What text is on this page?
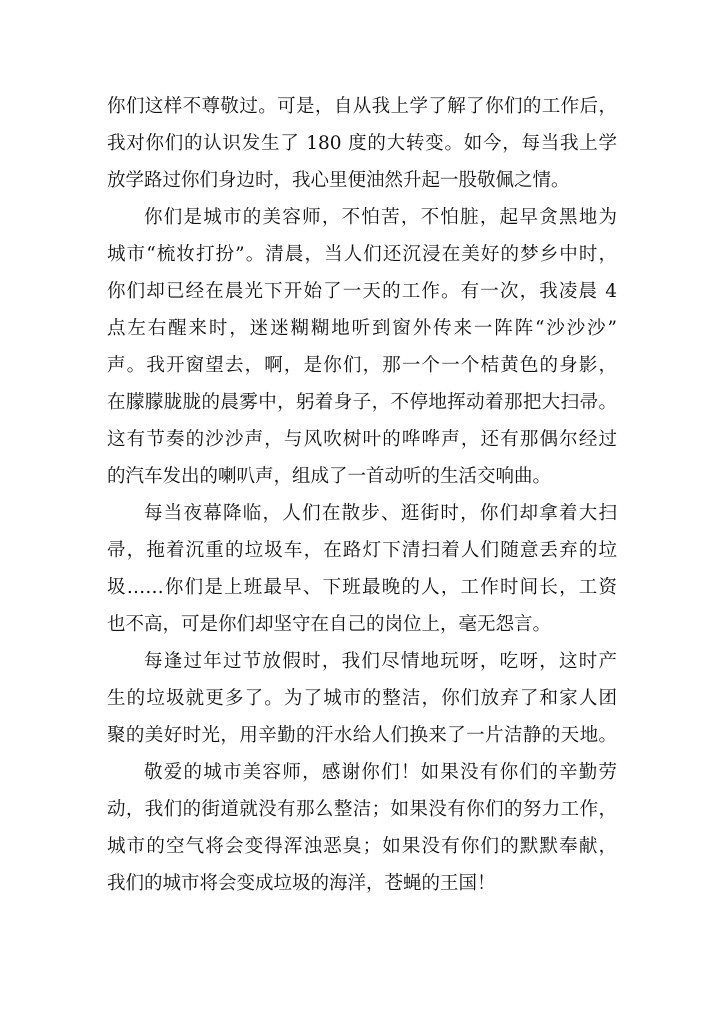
你们这样不尊敬过。可是，自从我上学了解了你们的工作后，
我对你们的认识发生了 180 度的大转变。如今，每当我上学
放学路过你们身边时，我心里便油然升起一股敬佩之情。
你们是城市的美容师，不怕苦，不怕脏，起早贪黑地为
城市“梳妆打扮”。清晨，当人们还沉浸在美好的梦乡中时，
你们却已经在晨光下开始了一天的工作。有一次，我凌晨 4
点左右醒来时，迷迷糊糊地听到窗外传来一阵阵“沙沙沙”
声。我开窗望去，啊，是你们，那一个一个桔黄色的身影，
在朦朦胧胧的晨雾中，躬着身子，不停地挥动着那把大扫帚。
这有节奏的沙沙声，与风吹树叶的哗哗声，还有那偶尔经过
的汽车发出的喇叭声，组成了一首动听的生活交响曲。
每当夜幕降临，人们在散步、逛街时，你们却拿着大扫
帚，拖着沉重的垃圾车，在路灯下清扫着人们随意丢弃的垃
圾……你们是上班最早、下班最晚的人，工作时间长，工资
也不高，可是你们却坚守在自己的岗位上，毫无怨言。
每逢过年过节放假时，我们尽情地玩呀，吃呀，这时产
生的垃圾就更多了。为了城市的整洁，你们放弃了和家人团
聚的美好时光，用辛勤的汗水给人们换来了一片洁静的天地。
敬爱的城市美容师，感谢你们！如果没有你们的辛勤劳
动，我们的街道就没有那么整洁；如果没有你们的努力工作，
城市的空气将会变得浑浊恶臭；如果没有你们的默默奉献，
我们的城市将会变成垃圾的海洋，苍蝇的王国！
